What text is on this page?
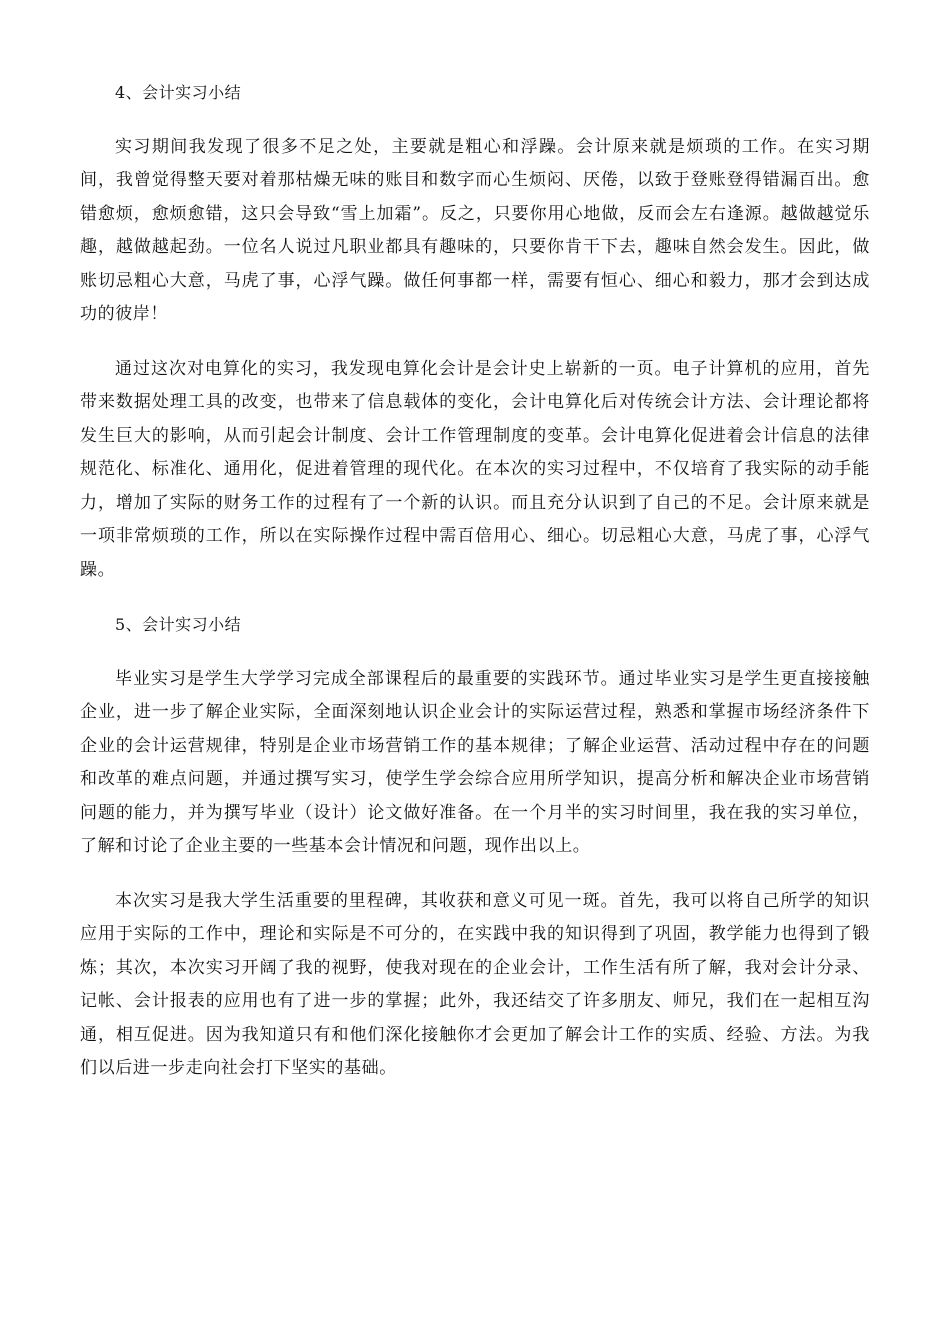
4、会计实习小结

实习期间我发现了很多不足之处，主要就是粗心和浮躁。会计原来就是烦琐的工作。在实习期间，我曾觉得整天要对着那枯燥无味的账目和数字而心生烦闷、厌倦，以致于登账登得错漏百出。愈错愈烦，愈烦愈错，这只会导致“雪上加霜”。反之，只要你用心地做，反而会左右逢源。越做越觉乐趣，越做越起劲。一位名人说过凡职业都具有趣味的，只要你肯干下去，趣味自然会发生。因此，做账切忌粗心大意，马虎了事，心浮气躁。做任何事都一样，需要有恒心、细心和毅力，那才会到达成功的彼岸！

通过这次对电算化的实习，我发现电算化会计是会计史上崭新的一页。电子计算机的应用，首先带来数据处理工具的改变，也带来了信息载体的变化，会计电算化后对传统会计方法、会计理论都将发生巨大的影响，从而引起会计制度、会计工作管理制度的变革。会计电算化促进着会计信息的法律规范化、标准化、通用化，促进着管理的现代化。在本次的实习过程中，不仅培育了我实际的动手能力，增加了实际的财务工作的过程有了一个新的认识。而且充分认识到了自己的不足。会计原来就是一项非常烦琐的工作，所以在实际操作过程中需百倍用心、细心。切忌粗心大意，马虎了事，心浮气躁。

5、会计实习小结

毕业实习是学生大学学习完成全部课程后的最重要的实践环节。通过毕业实习是学生更直接接触企业，进一步了解企业实际，全面深刻地认识企业会计的实际运营过程，熟悉和掌握市场经济条件下企业的会计运营规律，特别是企业市场营销工作的基本规律；了解企业运营、活动过程中存在的问题和改革的难点问题，并通过撰写实习，使学生学会综合应用所学知识，提高分析和解决企业市场营销问题的能力，并为撰写毕业（设计）论文做好准备。在一个月半的实习时间里，我在我的实习单位，了解和讨论了企业主要的一些基本会计情况和问题，现作出以上。

本次实习是我大学生活重要的里程碑，其收获和意义可见一斑。首先，我可以将自己所学的知识应用于实际的工作中，理论和实际是不可分的，在实践中我的知识得到了巩固，教学能力也得到了锻炼；其次，本次实习开阔了我的视野，使我对现在的企业会计，工作生活有所了解，我对会计分录、记帐、会计报表的应用也有了进一步的掌握；此外，我还结交了许多朋友、师兄，我们在一起相互沟通，相互促进。因为我知道只有和他们深化接触你才会更加了解会计工作的实质、经验、方法。为我们以后进一步走向社会打下坚实的基础。
